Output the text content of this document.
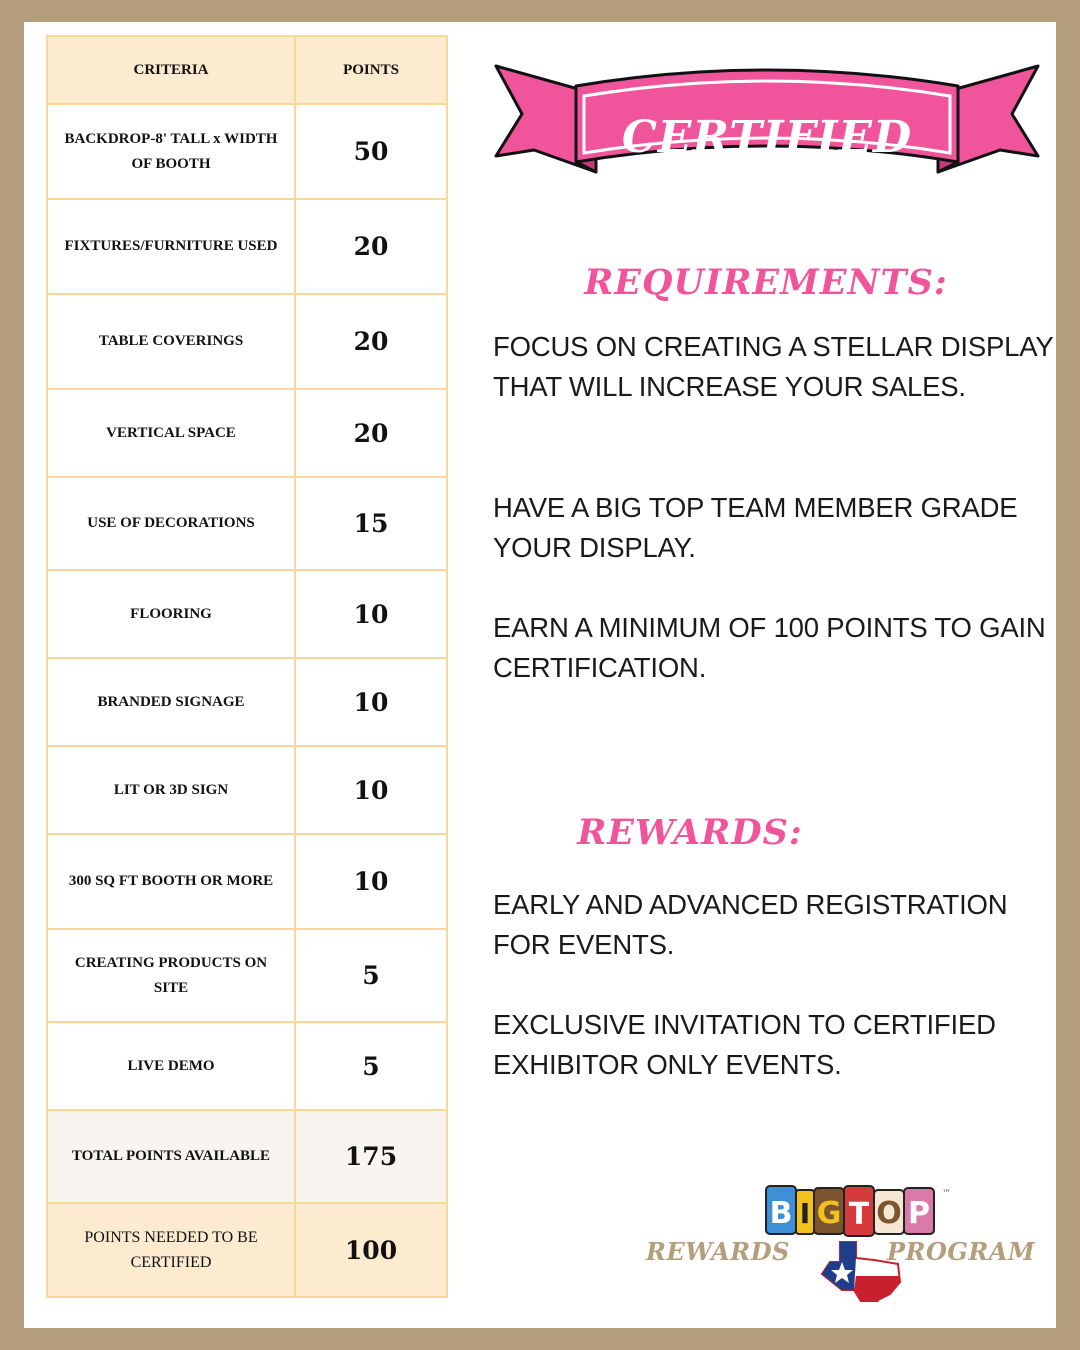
CRITERIA	POINTS
BACKDROP-8' TALL x WIDTH OF BOOTH	50
FIXTURES/FURNITURE USED	20
TABLE COVERINGS	20
VERTICAL SPACE	20
USE OF DECORATIONS	15
FLOORING	10
BRANDED SIGNAGE	10
LIT OR 3D SIGN	10
300 SQ FT BOOTH OR MORE	10
CREATING PRODUCTS ON SITE	5
LIVE DEMO	5
TOTAL POINTS AVAILABLE	175
POINTS NEEDED TO BE CERTIFIED	100
CERTIFIED
REQUIREMENTS:

FOCUS ON CREATING A STELLAR DISPLAY THAT WILL INCREASE YOUR SALES.

HAVE A BIG TOP TEAM MEMBER GRADE YOUR DISPLAY.

EARN A MINIMUM OF 100 POINTS TO GAIN CERTIFICATION.

REWARDS:

EARLY AND ADVANCED REGISTRATION FOR EVENTS.

EXCLUSIVE INVITATION TO CERTIFIED EXHIBITOR ONLY EVENTS.

B I G T O P
™
REWARDS	PROGRAM
